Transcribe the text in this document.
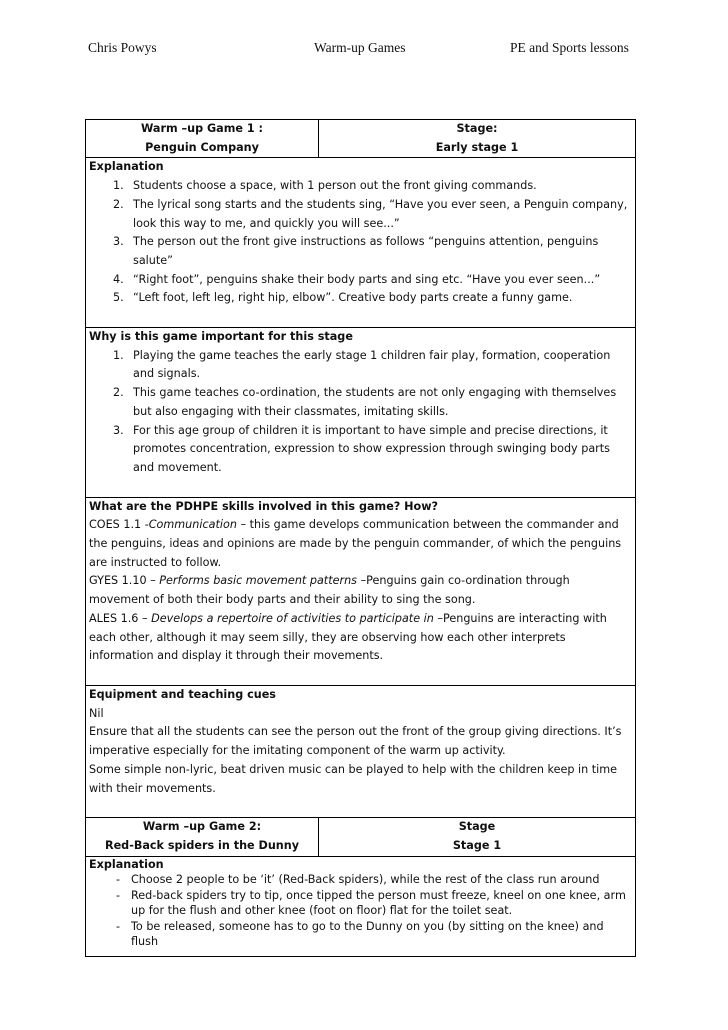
Chris Powys	Warm-up Games	PE and Sports lessons
Warm –up Game 1 :
Penguin Company
Stage:
Early stage 1
Explanation
1. Students choose a space, with 1 person out the front giving commands.
2. The lyrical song starts and the students sing, “Have you ever seen, a Penguin company, look this way to me, and quickly you will see...”
3. The person out the front give instructions as follows “penguins attention, penguins salute”
4. “Right foot”, penguins shake their body parts and sing etc. “Have you ever seen...”
5. “Left foot, left leg, right hip, elbow”. Creative body parts create a funny game.
Why is this game important for this stage
1. Playing the game teaches the early stage 1 children fair play, formation, cooperation and signals.
2. This game teaches co-ordination, the students are not only engaging with themselves but also engaging with their classmates, imitating skills.
3. For this age group of children it is important to have simple and precise directions, it promotes concentration, expression to show expression through swinging body parts and movement.
What are the PDHPE skills involved in this game? How?
COES 1.1 -Communication – this game develops communication between the commander and the penguins, ideas and opinions are made by the penguin commander, of which the penguins are instructed to follow.
GYES 1.10 – Performs basic movement patterns –Penguins gain co-ordination through movement of both their body parts and their ability to sing the song.
ALES 1.6 – Develops a repertoire of activities to participate in –Penguins are interacting with each other, although it may seem silly, they are observing how each other interprets information and display it through their movements.
Equipment and teaching cues
Nil
Ensure that all the students can see the person out the front of the group giving directions. It’s imperative especially for the imitating component of the warm up activity.
Some simple non-lyric, beat driven music can be played to help with the children keep in time with their movements.
Warm –up Game 2:
Red-Back spiders in the Dunny
Stage
Stage 1
Explanation
- Choose 2 people to be ‘it’ (Red-Back spiders), while the rest of the class run around
- Red-back spiders try to tip, once tipped the person must freeze, kneel on one knee, arm up for the flush and other knee (foot on floor) flat for the toilet seat.
- To be released, someone has to go to the Dunny on you (by sitting on the knee) and flush
